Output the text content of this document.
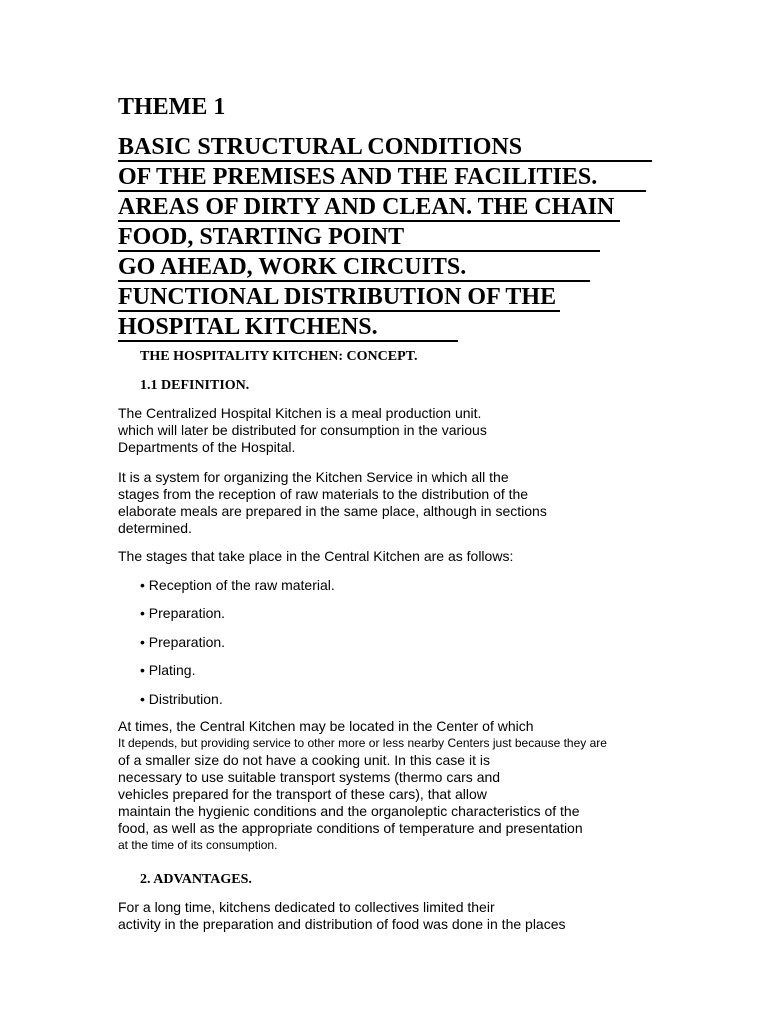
THEME 1
BASIC STRUCTURAL CONDITIONS
OF THE PREMISES AND THE FACILITIES.
AREAS OF DIRTY AND CLEAN. THE CHAIN
FOOD, STARTING POINT
GO AHEAD, WORK CIRCUITS.
FUNCTIONAL DISTRIBUTION OF THE
HOSPITAL KITCHENS.
THE HOSPITALITY KITCHEN: CONCEPT.
1.1 DEFINITION.

The Centralized Hospital Kitchen is a meal production unit.
which will later be distributed for consumption in the various
Departments of the Hospital.

It is a system for organizing the Kitchen Service in which all the
stages from the reception of raw materials to the distribution of the
elaborate meals are prepared in the same place, although in sections
determined.

The stages that take place in the Central Kitchen are as follows:

• Reception of the raw material.

• Preparation.

• Preparation.

• Plating.

• Distribution.

At times, the Central Kitchen may be located in the Center of which
It depends, but providing service to other more or less nearby Centers just because they are
of a smaller size do not have a cooking unit. In this case it is
necessary to use suitable transport systems (thermo cars and
vehicles prepared for the transport of these cars), that allow
maintain the hygienic conditions and the organoleptic characteristics of the
food, as well as the appropriate conditions of temperature and presentation
at the time of its consumption.

2. ADVANTAGES.

For a long time, kitchens dedicated to collectives limited their
activity in the preparation and distribution of food was done in the places
